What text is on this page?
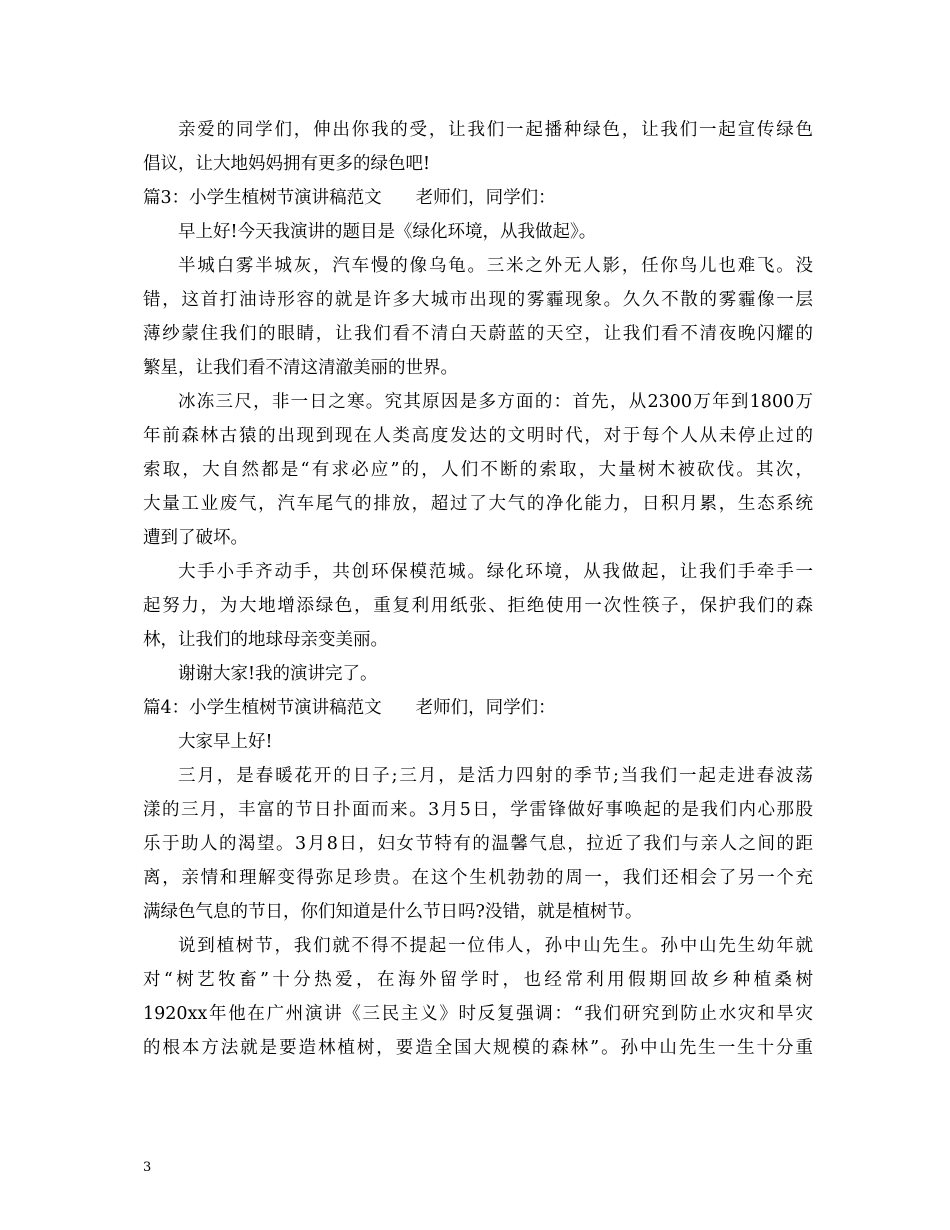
亲爱的同学们，伸出你我的受，让我们一起播种绿色，让我们一起宣传绿色
倡议，让大地妈妈拥有更多的绿色吧!
篇3：小学生植树节演讲稿范文 老师们，同学们：
早上好!今天我演讲的题目是《绿化环境，从我做起》。
半城白雾半城灰，汽车慢的像乌龟。三米之外无人影，任你鸟儿也难飞。没
错，这首打油诗形容的就是许多大城市出现的雾霾现象。久久不散的雾霾像一层
薄纱蒙住我们的眼睛，让我们看不清白天蔚蓝的天空，让我们看不清夜晚闪耀的
繁星，让我们看不清这清澈美丽的世界。
冰冻三尺，非一日之寒。究其原因是多方面的：首先，从2300万年到1800万
年前森林古猿的出现到现在人类高度发达的文明时代，对于每个人从未停止过的
索取，大自然都是“有求必应”的，人们不断的索取，大量树木被砍伐。其次，
大量工业废气，汽车尾气的排放，超过了大气的净化能力，日积月累，生态系统
遭到了破坏。
大手小手齐动手，共创环保模范城。绿化环境，从我做起，让我们手牵手一
起努力，为大地增添绿色，重复利用纸张、拒绝使用一次性筷子，保护我们的森
林，让我们的地球母亲变美丽。
谢谢大家!我的演讲完了。
篇4：小学生植树节演讲稿范文 老师们，同学们：
大家早上好!
三月，是春暖花开的日子;三月，是活力四射的季节;当我们一起走进春波荡
漾的三月，丰富的节日扑面而来。3月5日，学雷锋做好事唤起的是我们内心那股
乐于助人的渴望。3月8日，妇女节特有的温馨气息，拉近了我们与亲人之间的距
离，亲情和理解变得弥足珍贵。在这个生机勃勃的周一，我们还相会了另一个充
满绿色气息的节日，你们知道是什么节日吗?没错，就是植树节。
说到植树节，我们就不得不提起一位伟人，孙中山先生。孙中山先生幼年就
对“树艺牧畜”十分热爱，在海外留学时，也经常利用假期回故乡种植桑树
1920xx年他在广州演讲《三民主义》时反复强调：“我们研究到防止水灾和旱灾
的根本方法就是要造林植树，要造全国大规模的森林”。孙中山先生一生十分重
3
